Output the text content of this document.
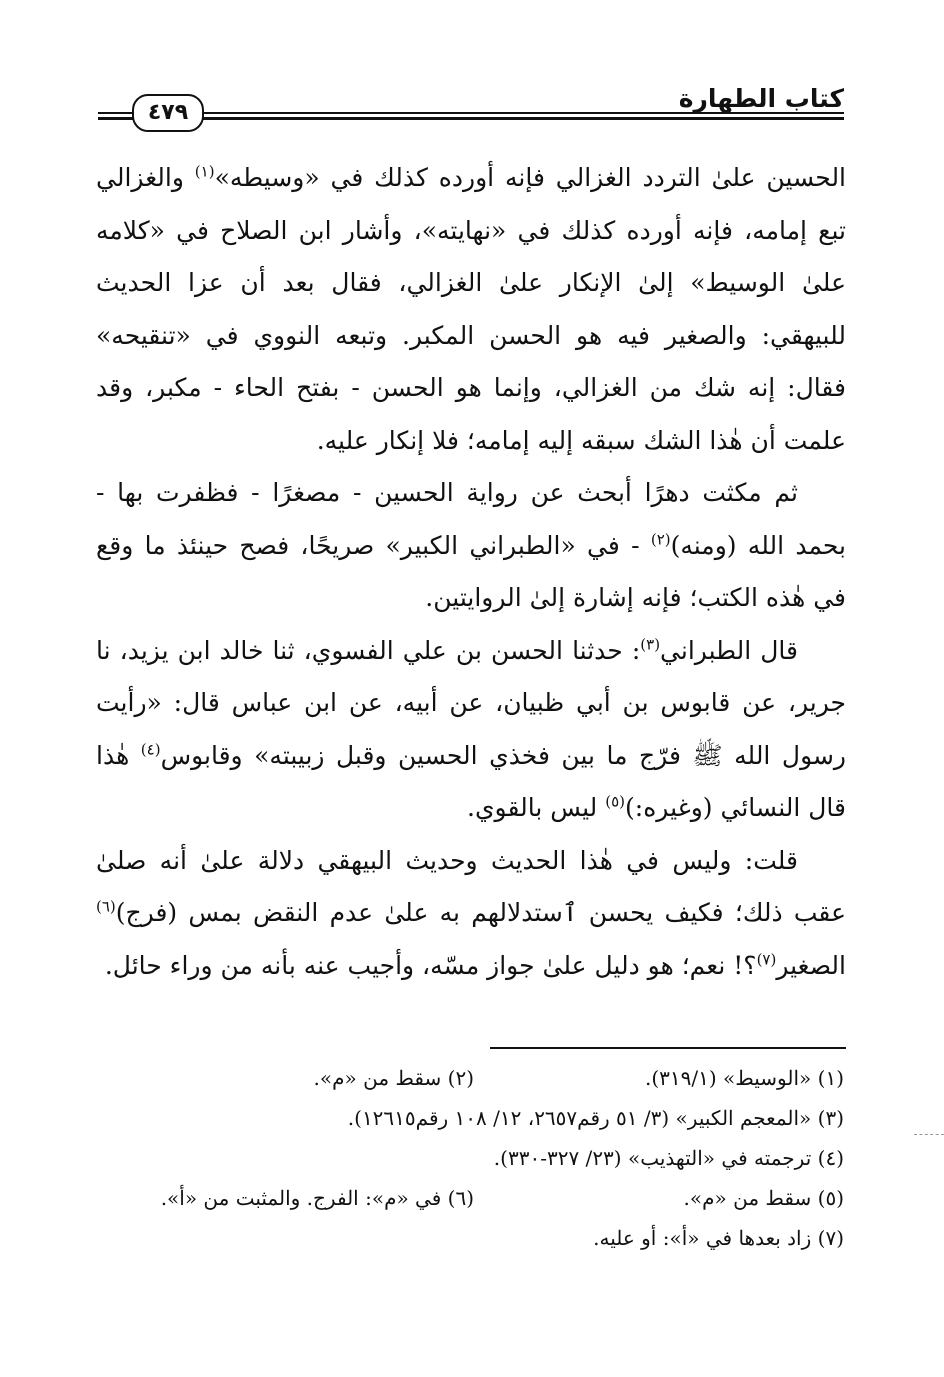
كتاب الطهارة
٤٧٩

الحسين علىٰ التردد الغزالي فإنه أورده كذلك في «وسيطه»$^{(١)}$ والغزالي تبع إمامه، فإنه أورده كذلك في «نهايته»، وأشار ابن الصلاح في «كلامه علىٰ الوسيط» إلىٰ الإنكار علىٰ الغزالي، فقال بعد أن عزا الحديث للبيهقي: والصغير فيه هو الحسن المكبر. وتبعه النووي في «تنقيحه» فقال: إنه شك من الغزالي، وإنما هو الحسن - بفتح الحاء - مكبر، وقد علمت أن هٰذا الشك سبقه إليه إمامه؛ فلا إنكار عليه.

ثم مكثت دهرًا أبحث عن رواية الحسين - مصغرًا - فظفرت بها - بحمد الله (ومنه)$^{(٢)}$ - في «الطبراني الكبير» صريحًا، فصح حينئذ ما وقع في هٰذه الكتب؛ فإنه إشارة إلىٰ الروايتين.

قال الطبراني$^{(٣)}$: حدثنا الحسن بن علي الفسوي، ثنا خالد ابن يزيد، نا جرير، عن قابوس بن أبي ظبيان، عن أبيه، عن ابن عباس قال: «رأيت رسول الله ﷺ فرّج ما بين فخذي الحسين وقبل زبيبته» وقابوس$^{(٤)}$ هٰذا قال النسائي (وغيره:)$^{(٥)}$ ليس بالقوي.

قلت: وليس في هٰذا الحديث وحديث البيهقي دلالة علىٰ أنه صلىٰ عقب ذلك؛ فكيف يحسن ٱستدلالهم به علىٰ عدم النقض بمس (فرج)$^{(٦)}$ الصغير$^{(٧)}$؟! نعم؛ هو دليل علىٰ جواز مسّه، وأجيب عنه بأنه من وراء حائل.

(١) «الوسيط» (٣١٩/١).
(٢) سقط من «م».
(٣) «المعجم الكبير» (٣/ ٥١ رقم٢٦٥٧، ١٢/ ١٠٨ رقم١٢٦١٥).
(٤) ترجمته في «التهذيب» (٢٣/ ٣٢٧-٣٣٠).
(٥) سقط من «م».
(٦) في «م»: الفرج. والمثبت من «أ».
(٧) زاد بعدها في «أ»: أو عليه.
